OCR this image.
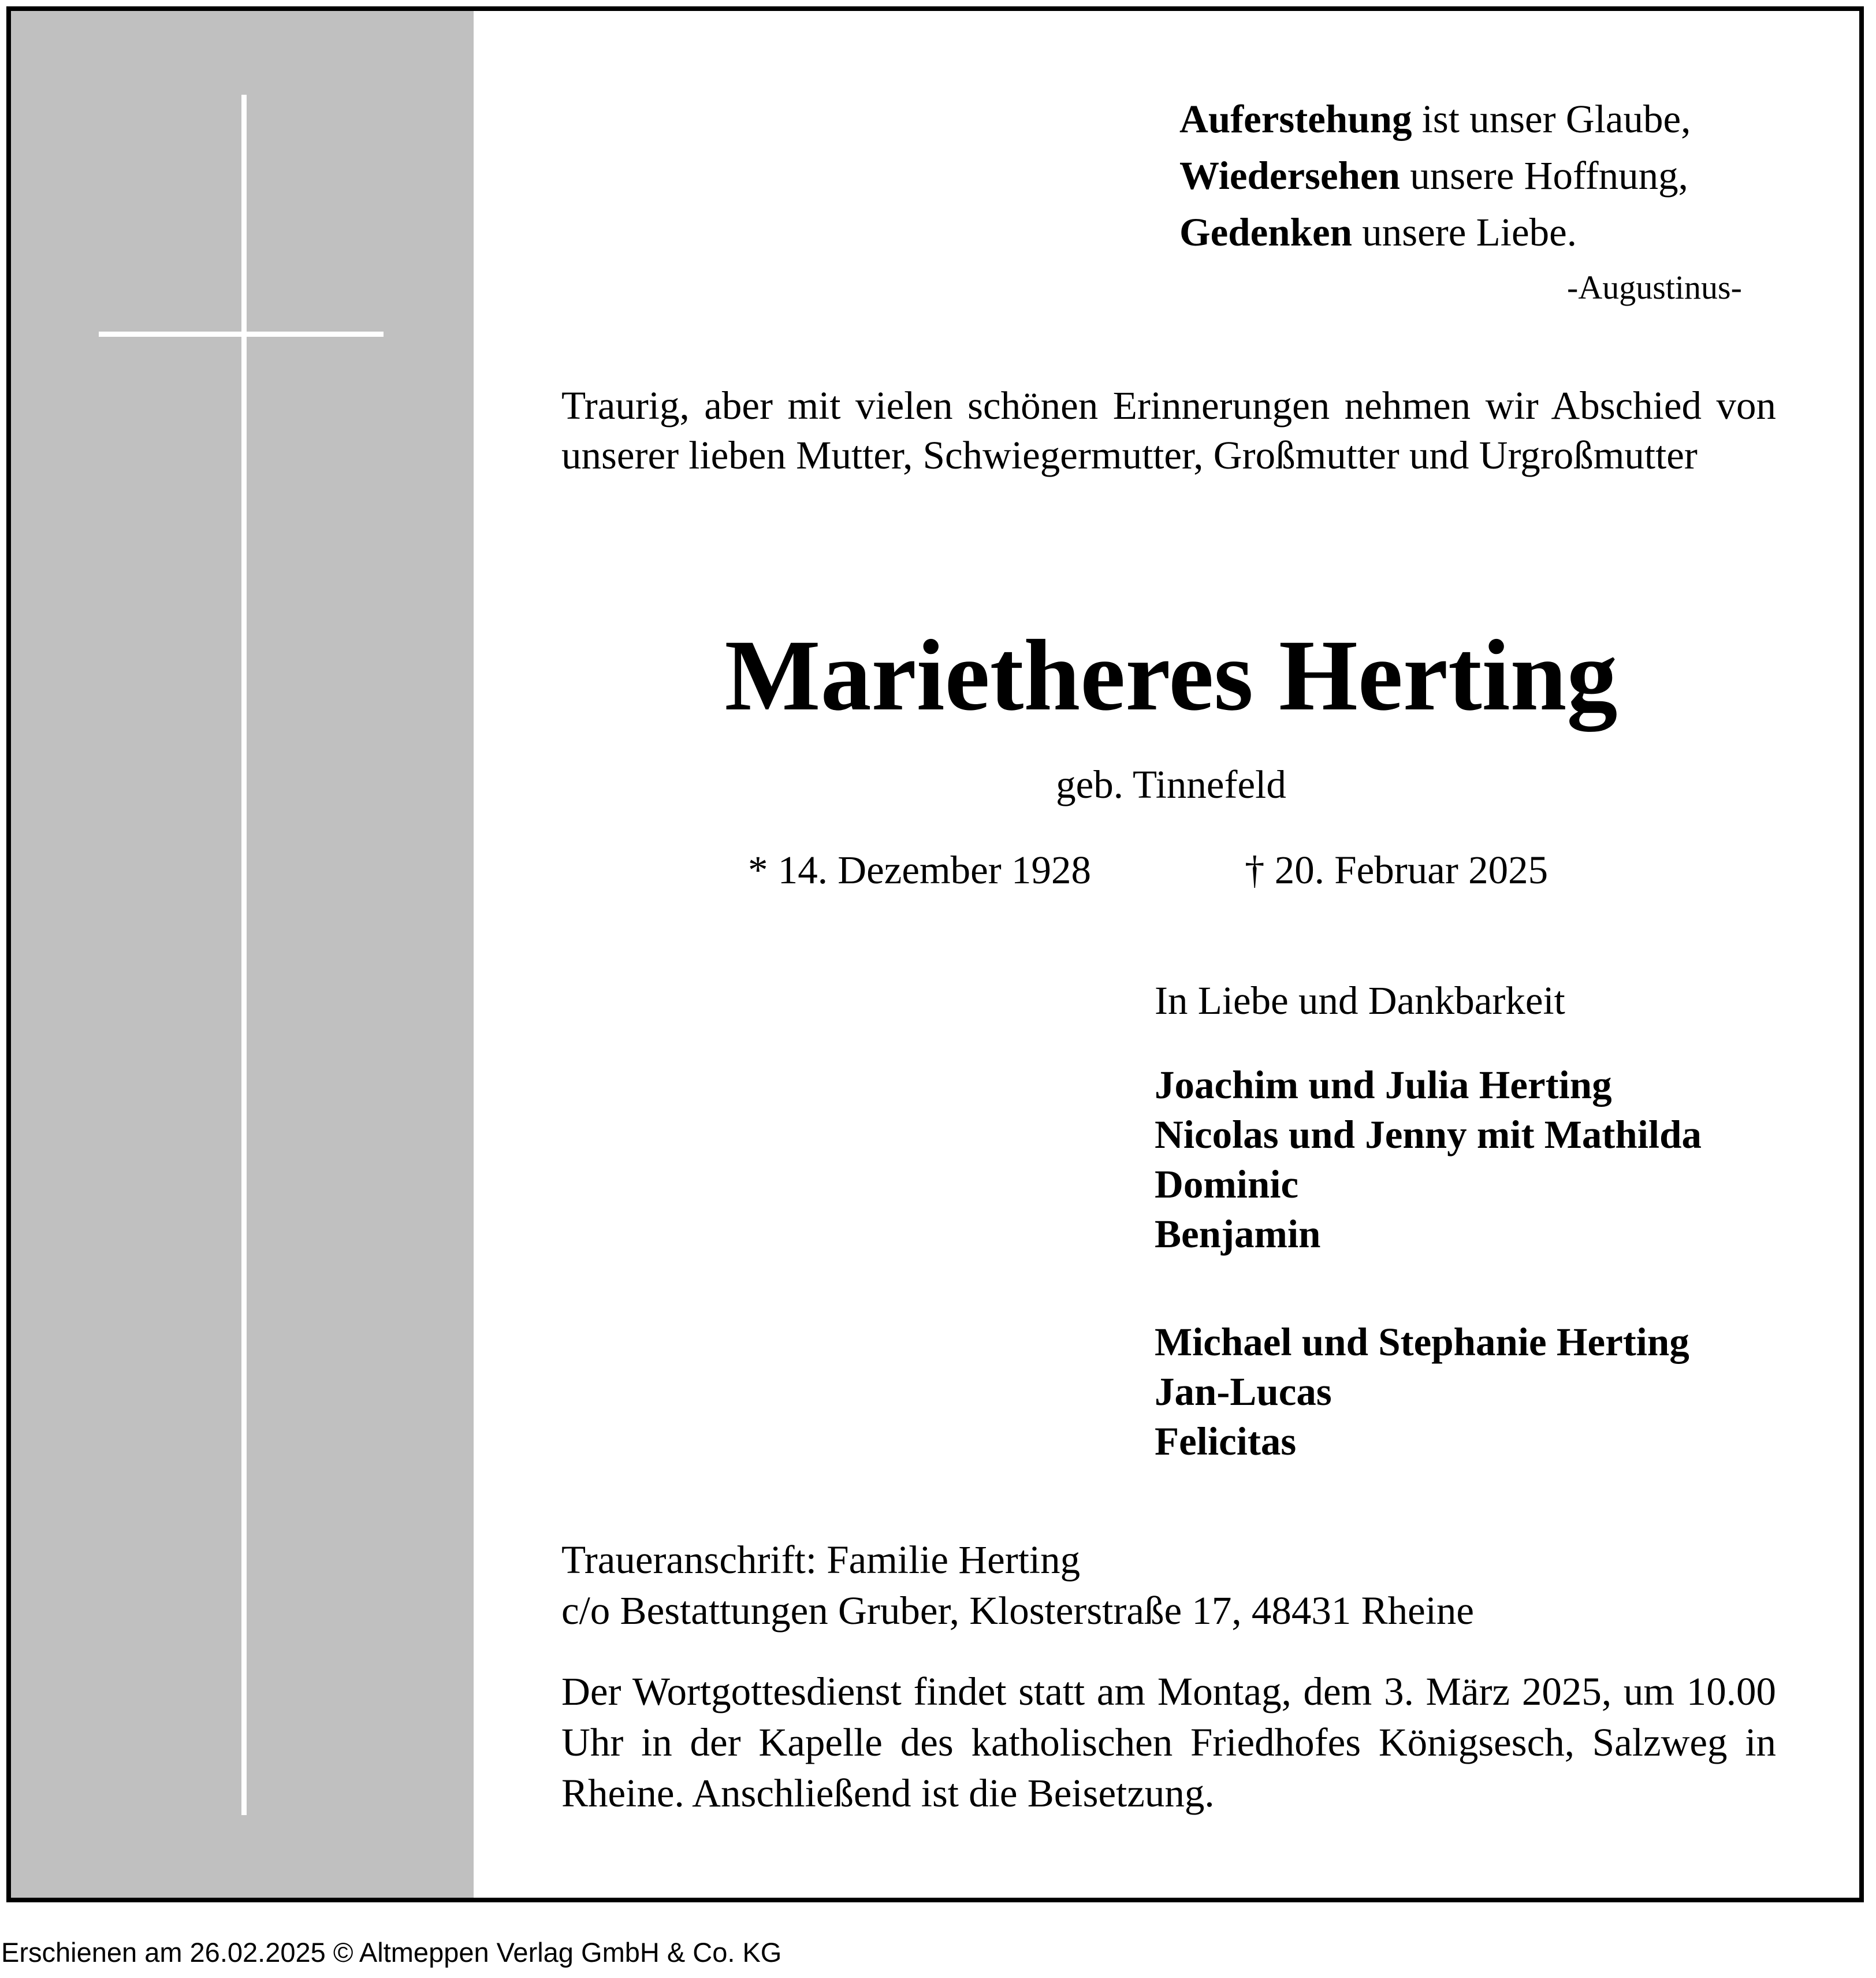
Auferstehung ist unser Glaube,
Wiedersehen unsere Hoffnung,
Gedenken unsere Liebe.
-Augustinus-
Traurig, aber mit vielen schönen Erinnerungen nehmen wir Abschied von unserer lieben Mutter, Schwiegermutter, Großmutter und Urgroßmutter
Marietheres Herting
geb. Tinnefeld
* 14. Dezember 1928	† 20. Februar 2025
In Liebe und Dankbarkeit
Joachim und Julia Herting
Nicolas und Jenny mit Mathilda
Dominic
Benjamin
Michael und Stephanie Herting
Jan-Lucas
Felicitas
Traueranschrift: Familie Herting
c/o Bestattungen Gruber, Klosterstraße 17, 48431 Rheine
Der Wortgottesdienst findet statt am Montag, dem 3. März 2025, um 10.00 Uhr in der Kapelle des katholischen Friedhofes Königsesch, Salzweg in Rheine. Anschließend ist die Beisetzung.
Erschienen am 26.02.2025 © Altmeppen Verlag GmbH & Co. KG
